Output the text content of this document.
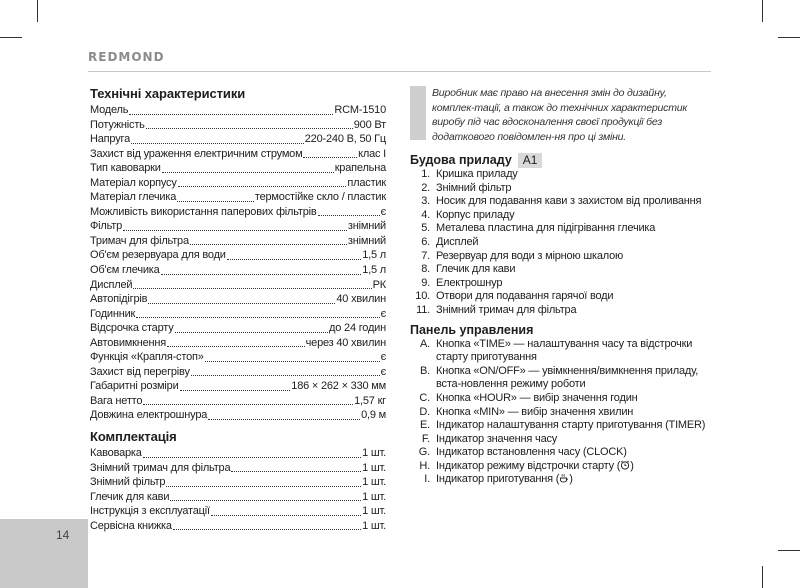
REDMOND
Технічні характеристики
Модель	RCM-1510
Потужність	900 Вт
Напруга	220-240 В, 50 Гц
Захист від ураження електричним струмом	клас I
Тип кавоварки	крапельна
Матеріал корпусу	пластик
Матеріал глечика	термостійке скло / пластик
Можливість використання паперових фільтрів	є
Фільтр	знімний
Тримач для фільтра	знімний
Об'єм резервуара для води	1,5 л
Об'єм глечика	1,5 л
Дисплей	РК
Автопідігрів	40 хвилин
Годинник	є
Відсрочка старту	до 24 годин
Автовимкнення	через 40 хвилин
Функція «Крапля-стоп»	є
Захист від перегріву	є
Габаритні розміри	186 × 262 × 330 мм
Вага нетто	1,57 кг
Довжина електрошнура	0,9 м
Комплектація
Кавоварка	1 шт.
Знімний тримач для фільтра	1 шт.
Знімний фільтр	1 шт.
Глечик для кави	1 шт.
Інструкція з експлуатації	1 шт.
Сервісна книжка	1 шт.
Виробник має право на внесення змін до дизайну, комплек-тації, а також до технічних характеристик виробу під час вдосконалення своєї продукції без додаткового повідомлен-ня про ці зміни.
Будова приладу A1
1. Кришка приладу
2. Знімний фільтр
3. Носик для подавання кави з захистом від проливання
4. Корпус приладу
5. Металева пластина для підігрівання глечика
6. Дисплей
7. Резервуар для води з мірною шкалою
8. Глечик для кави
9. Електрошнур
10. Отвори для подавання гарячої води
11. Знімний тримач для фільтра
Панель управления
A. Кнопка «TIME» — налаштування часу та відстрочки старту приготування
B. Кнопка «ON/OFF» — увімкнення/вимкнення приладу, вста-новлення режиму роботи
C. Кнопка «HOUR» — вибір значення годин
D. Кнопка «MIN» — вибір значення хвилин
E. Індикатор налаштування старту приготування (TIMER)
F. Індикатор значення часу
G. Індикатор встановлення часу (CLOCK)
H. Індикатор режиму відстрочки старту ( )
I. Індикатор приготування ( )
14
